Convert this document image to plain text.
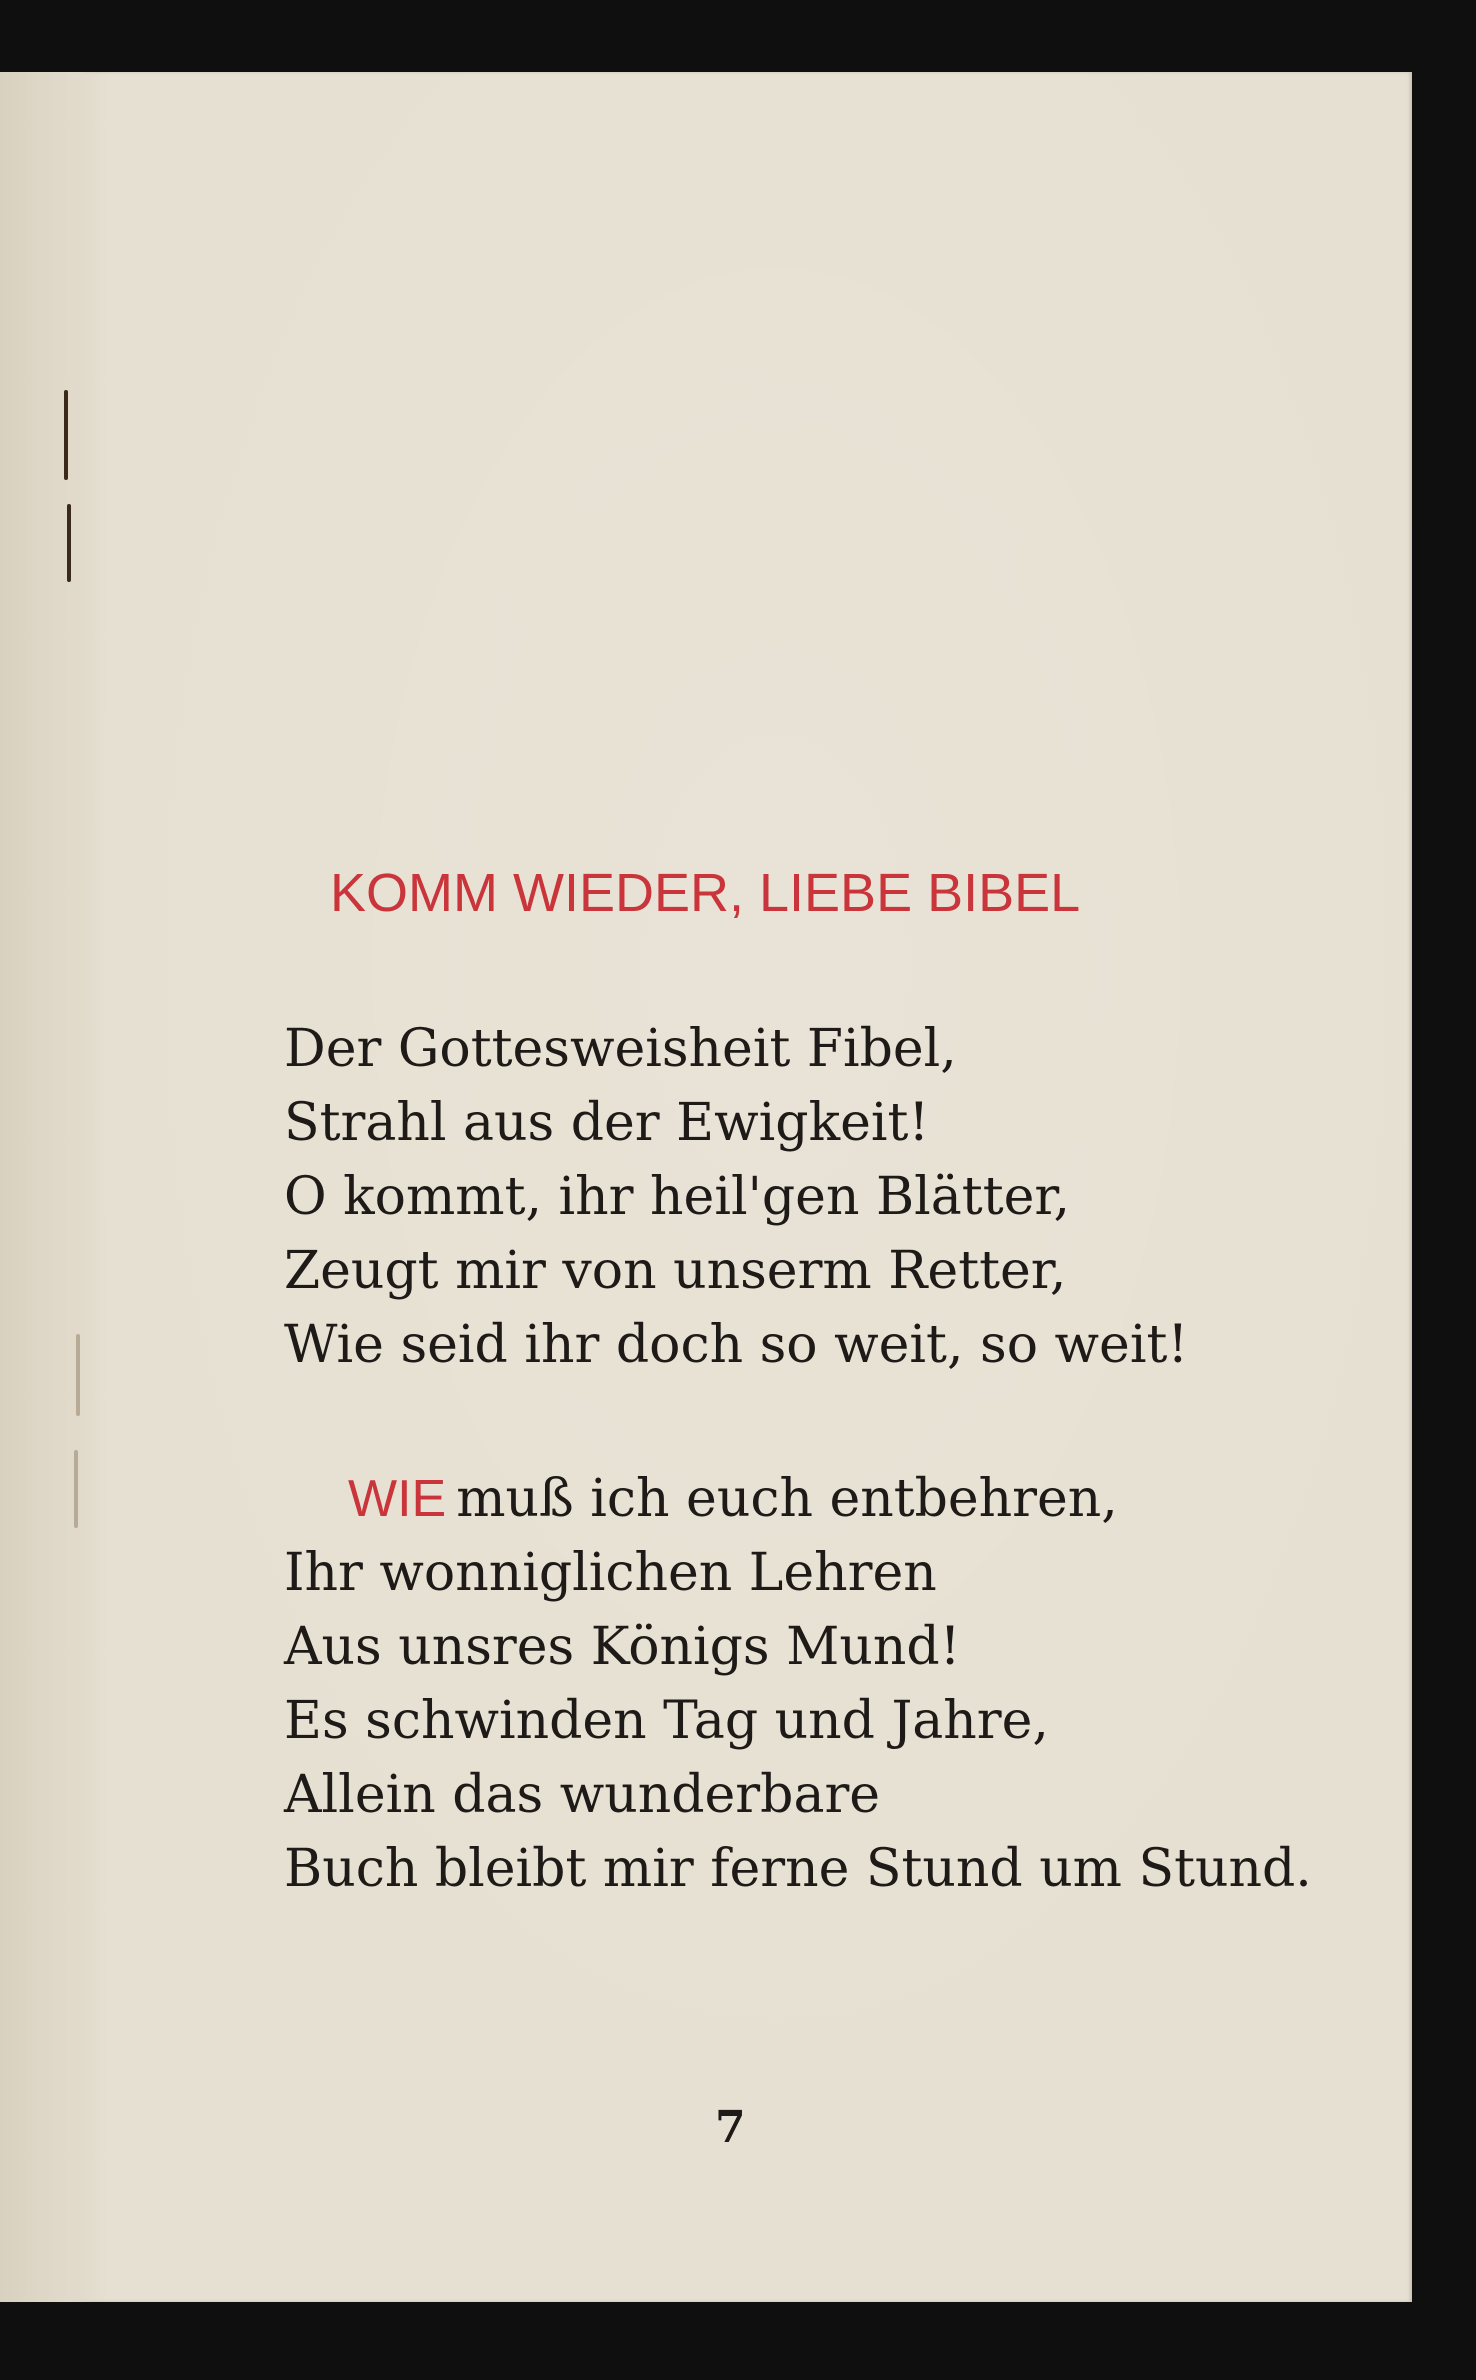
KOMM WIEDER, LIEBE BIBEL
Der Gottesweisheit Fibel,
Strahl aus der Ewigkeit!
O kommt, ihr heil'gen Blätter,
Zeugt mir von unserm Retter,
Wie seid ihr doch so weit, so weit!
WIE muß ich euch entbehren,
Ihr wonniglichen Lehren
Aus unsres Königs Mund!
Es schwinden Tag und Jahre,
Allein das wunderbare
Buch bleibt mir ferne Stund um Stund.
7
